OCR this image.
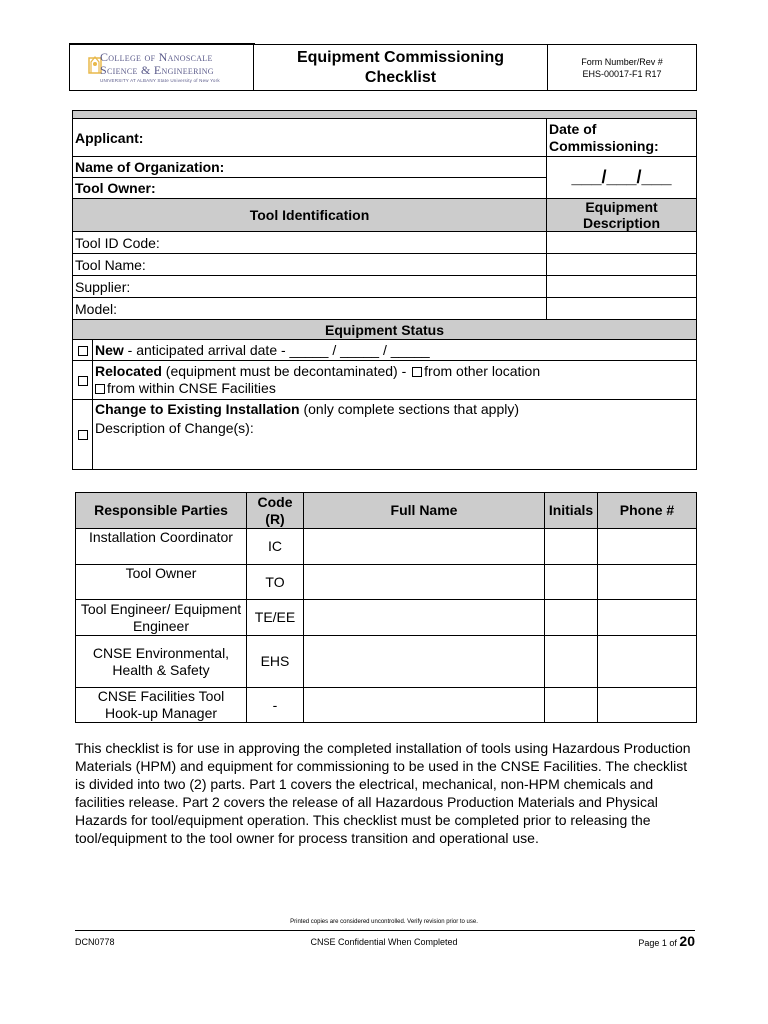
College of Nanoscale
Science & Engineering
UNIVERSITY AT ALBANY State University of New York
Equipment Commissioning
Checklist
Form Number/Rev #
EHS-00017-F1 R17

Applicant:		Date of
Commissioning:

Name of Organization:		___/___/___
Tool Owner:		
Tool Identification		Equipment Description
Tool ID Code:		
Tool Name:		
Supplier:		
Model:		
Equipment Status		
	New - anticipated arrival date - _____ / _____ / _____	
	Relocated (equipment must be decontaminated) - from other location
from within CNSE Facilities	
	Change to Existing Installation (only complete sections that apply)
Description of Change(s):	
Responsible Parties	Code (R)	Full Name	Initials	Phone #
Installation Coordinator	IC			
Tool Owner	TO			
Tool Engineer/ Equipment Engineer	TE/EE			
CNSE Environmental, Health & Safety	EHS			
CNSE Facilities Tool Hook-up Manager	-			
This checklist is for use in approving the completed installation of tools using Hazardous Production Materials (HPM) and equipment for commissioning to be used in the CNSE Facilities. The checklist is divided into two (2) parts. Part 1 covers the electrical, mechanical, non-HPM chemicals and facilities release. Part 2 covers the release of all Hazardous Production Materials and Physical Hazards for tool/equipment operation. This checklist must be completed prior to releasing the tool/equipment to the tool owner for process transition and operational use.
Printed copies are considered uncontrolled. Verify revision prior to use.
DCN0778	CNSE Confidential When Completed	Page 1 of 20
